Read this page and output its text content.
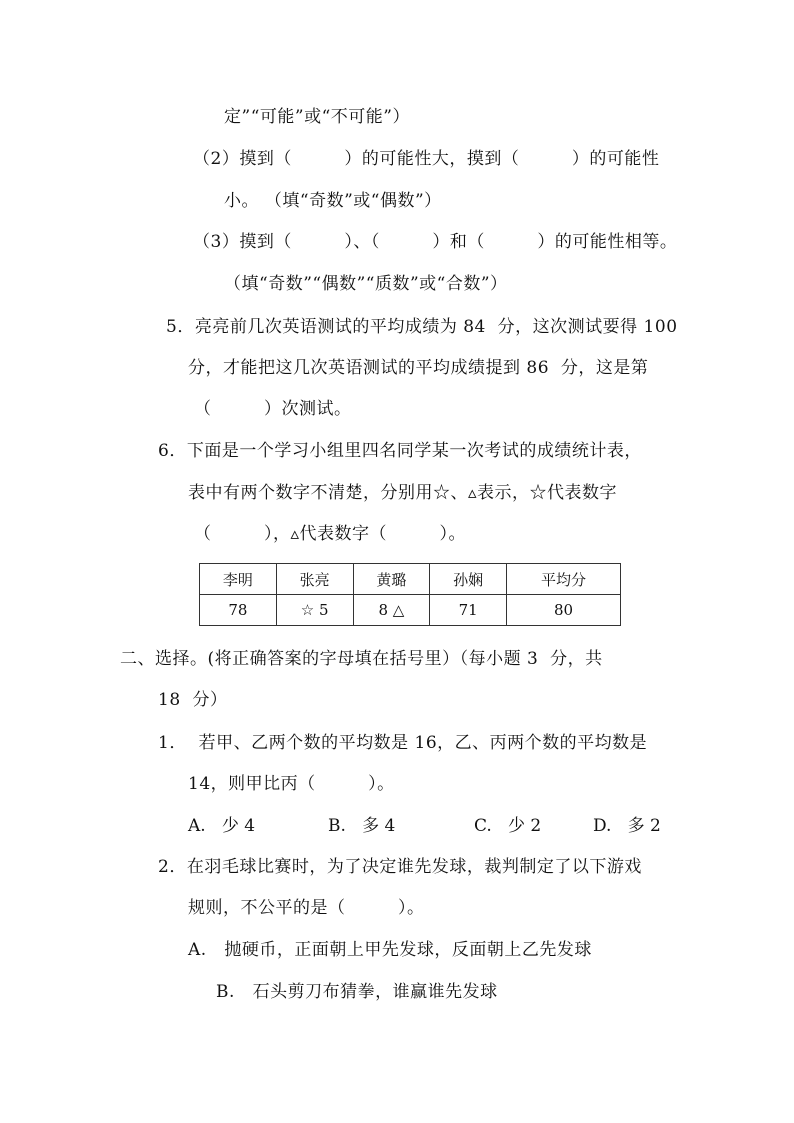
定”“可能”或“不可能”）
（2）摸到（　　　）的可能性大，摸到（　　　）的可能性
小。 （填“奇数”或“偶数”）
（3）摸到（　　　）、（　　　）和（　　　）的可能性相等。
（填“奇数”“偶数”“质数”或“合数”）
5．亮亮前几次英语测试的平均成绩为 84  分，这次测试要得 100
分，才能把这几次英语测试的平均成绩提到 86  分，这是第
（　　　）次测试。
6．下面是一个学习小组里四名同学某一次考试的成绩统计表，
表中有两个数字不清楚，分别用☆、▵表示，☆代表数字
（　　　），▵代表数字（　　　）。
李明	张亮	黄璐	孙娴	平均分
78	☆ 5	8 △	71	80
二、选择。(将正确答案的字母填在括号里）（每小题 3  分，共
18  分）
1．  若甲、乙两个数的平均数是 16，乙、丙两个数的平均数是
14，则甲比丙（　　　）。
A.   少 4	B.   多 4	C.   少 2	D.   多 2
2．在羽毛球比赛时，为了决定谁先发球，裁判制定了以下游戏
规则，不公平的是（　　　）。
A.   抛硬币，正面朝上甲先发球，反面朝上乙先发球
B.   石头剪刀布猜拳，谁赢谁先发球
